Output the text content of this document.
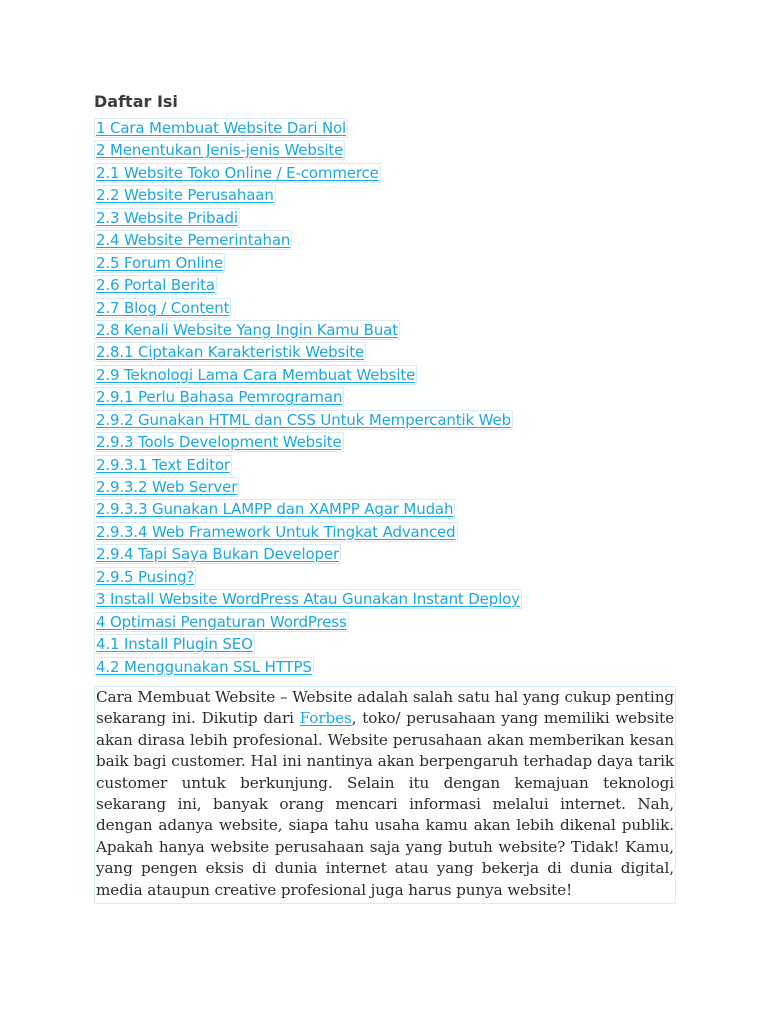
Daftar Isi
1 Cara Membuat Website Dari Nol
2 Menentukan Jenis-jenis Website
2.1 Website Toko Online / E-commerce
2.2 Website Perusahaan
2.3 Website Pribadi
2.4 Website Pemerintahan
2.5 Forum Online
2.6 Portal Berita
2.7 Blog / Content
2.8 Kenali Website Yang Ingin Kamu Buat
2.8.1 Ciptakan Karakteristik Website
2.9 Teknologi Lama Cara Membuat Website
2.9.1 Perlu Bahasa Pemrograman
2.9.2 Gunakan HTML dan CSS Untuk Mempercantik Web
2.9.3 Tools Development Website
2.9.3.1 Text Editor
2.9.3.2 Web Server
2.9.3.3 Gunakan LAMPP dan XAMPP Agar Mudah
2.9.3.4 Web Framework Untuk Tingkat Advanced
2.9.4 Tapi Saya Bukan Developer
2.9.5 Pusing?
3 Install Website WordPress Atau Gunakan Instant Deploy
4 Optimasi Pengaturan WordPress
4.1 Install Plugin SEO
4.2 Menggunakan SSL HTTPS
Cara Membuat Website – Website adalah salah satu hal yang cukup penting sekarang ini. Dikutip dari Forbes, toko/ perusahaan yang memiliki website akan dirasa lebih profesional. Website perusahaan akan memberikan kesan baik bagi customer. Hal ini nantinya akan berpengaruh terhadap daya tarik customer untuk berkunjung. Selain itu dengan kemajuan teknologi sekarang ini, banyak orang mencari informasi melalui internet. Nah, dengan adanya website, siapa tahu usaha kamu akan lebih dikenal publik. Apakah hanya website perusahaan saja yang butuh website? Tidak! Kamu, yang pengen eksis di dunia internet atau yang bekerja di dunia digital, media ataupun creative profesional juga harus punya website!
